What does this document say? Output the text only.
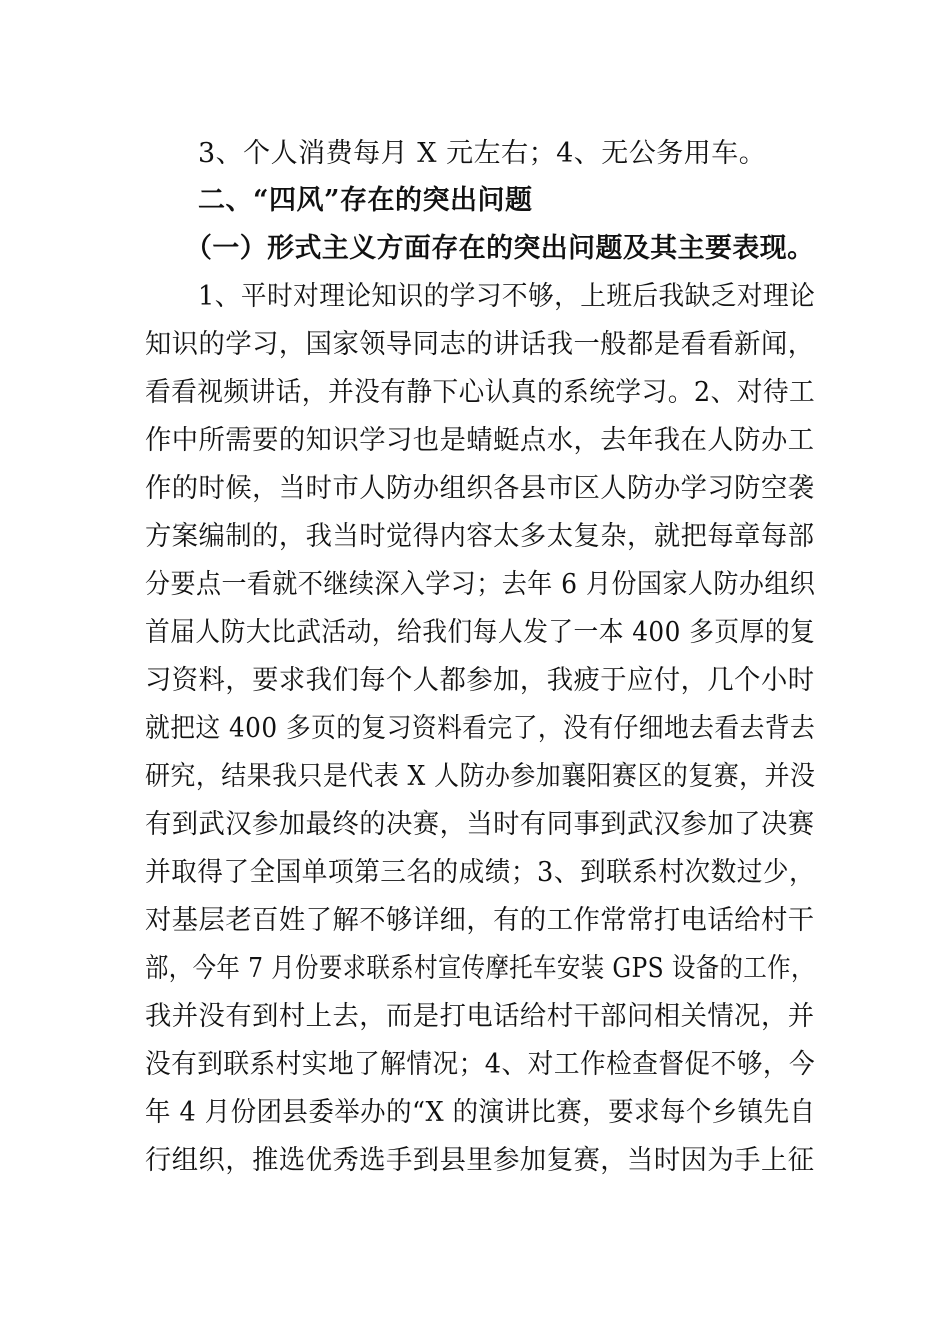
3、个人消费每月 X 元左右；4、无公务用车。
二、“四风”存在的突出问题
（一）形式主义方面存在的突出问题及其主要表现。
1、平时对理论知识的学习不够，上班后我缺乏对理论
知识的学习，国家领导同志的讲话我一般都是看看新闻，
看看视频讲话，并没有静下心认真的系统学习。2、对待工
作中所需要的知识学习也是蜻蜓点水，去年我在人防办工
作的时候，当时市人防办组织各县市区人防办学习防空袭
方案编制的，我当时觉得内容太多太复杂，就把每章每部
分要点一看就不继续深入学习；去年 6 月份国家人防办组织
首届人防大比武活动，给我们每人发了一本 400 多页厚的复
习资料，要求我们每个人都参加，我疲于应付，几个小时
就把这 400 多页的复习资料看完了，没有仔细地去看去背去
研究，结果我只是代表 X 人防办参加襄阳赛区的复赛，并没
有到武汉参加最终的决赛，当时有同事到武汉参加了决赛
并取得了全国单项第三名的成绩；3、到联系村次数过少，
对基层老百姓了解不够详细，有的工作常常打电话给村干
部，今年 7 月份要求联系村宣传摩托车安装 GPS 设备的工作，
我并没有到村上去，而是打电话给村干部问相关情况，并
没有到联系村实地了解情况；4、对工作检查督促不够，今
年 4 月份团县委举办的“X 的演讲比赛，要求每个乡镇先自
行组织，推选优秀选手到县里参加复赛，当时因为手上征
